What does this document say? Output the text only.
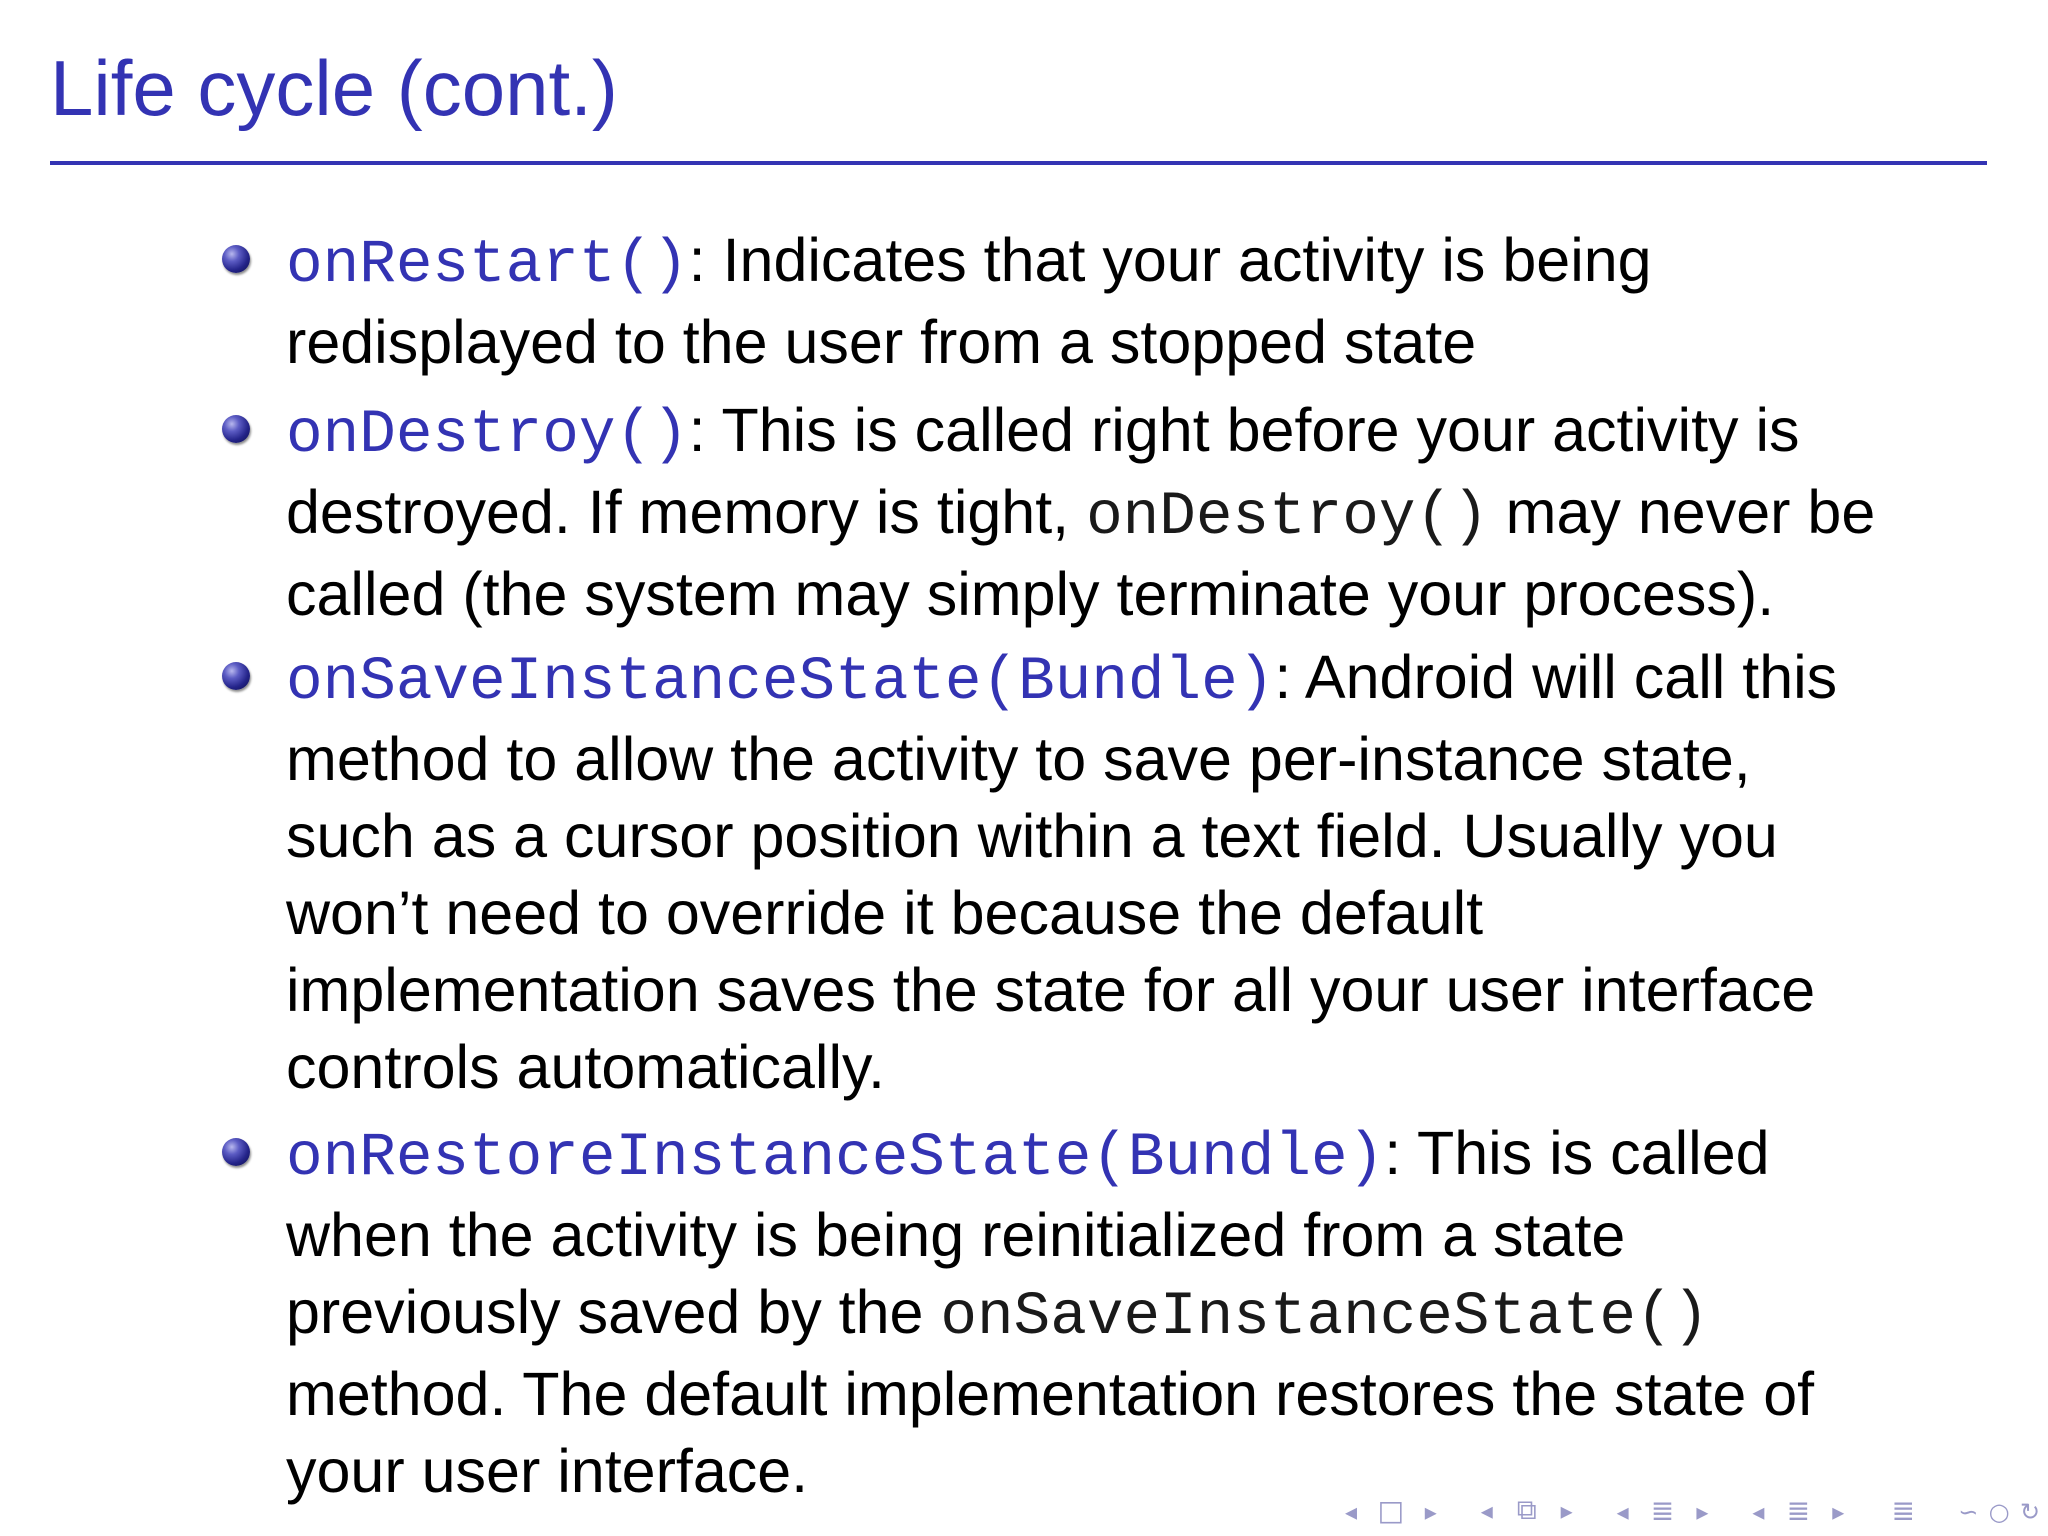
Life cycle (cont.)

onRestart(): Indicates that your activity is being
redisplayed to the user from a stopped state

onDestroy(): This is called right before your activity is
destroyed. If memory is tight, onDestroy() may never be
called (the system may simply terminate your process).

onSaveInstanceState(Bundle): Android will call this
method to allow the activity to save per-instance state,
such as a cursor position within a text field. Usually you
won’t need to override it because the default
implementation saves the state for all your user interface
controls automatically.

onRestoreInstanceState(Bundle): This is called
when the activity is being reinitialized from a state
previously saved by the onSaveInstanceState()
method. The default implementation restores the state of
your user interface.

◂ □ ▸ ◂ ⧉ ▸ ◂ ≣ ▸ ◂ ≣ ▸ ≣	∽ ○ ↻
